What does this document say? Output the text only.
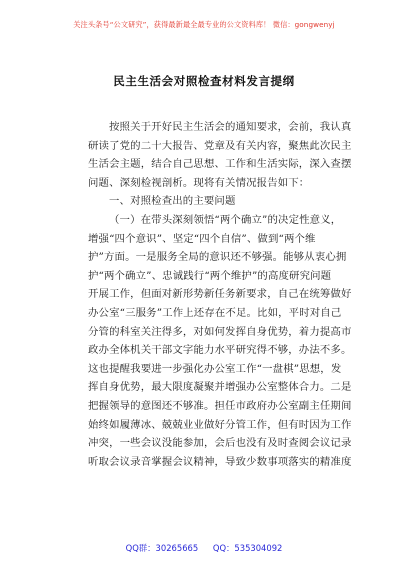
关注头条号“公文研究”，获得最新最全最专业的公文资料库！ 微信：gongwenyj
民主生活会对照检查材料发言提纲
按照关于开好民主生活会的通知要求，会前，我认真
研读了党的二十大报告、党章及有关内容，聚焦此次民主
生活会主题，结合自己思想、工作和生活实际，深入查摆
问题、深刻检视剖析。现将有关情况报告如下：
一、对照检查出的主要问题
（一）在带头深刻领悟“两个确立”的决定性意义，
增强“四个意识”、坚定“四个自信”、做到“两个维
护”方面。一是服务全局的意识还不够强。能够从衷心拥
护“两个确立”、忠诚践行“两个维护”的高度研究问题
开展工作，但面对新形势新任务新要求，自己在统筹做好
办公室“三服务”工作上还存在不足。比如，平时对自己
分管的科室关注得多，对如何发挥自身优势，着力提高市
政办全体机关干部文字能力水平研究得不够，办法不多。
这也提醒我要进一步强化办公室工作“一盘棋”思想，发
挥自身优势，最大限度凝聚并增强办公室整体合力。二是
把握领导的意图还不够准。担任市政府办公室副主任期间
始终如履薄冰、兢兢业业做好分管工作，但有时因为工作
冲突，一些会议没能参加，会后也没有及时查阅会议记录
听取会议录音掌握会议精神，导致少数事项落实的精准度
QQ群：30265665 QQ：535304092
